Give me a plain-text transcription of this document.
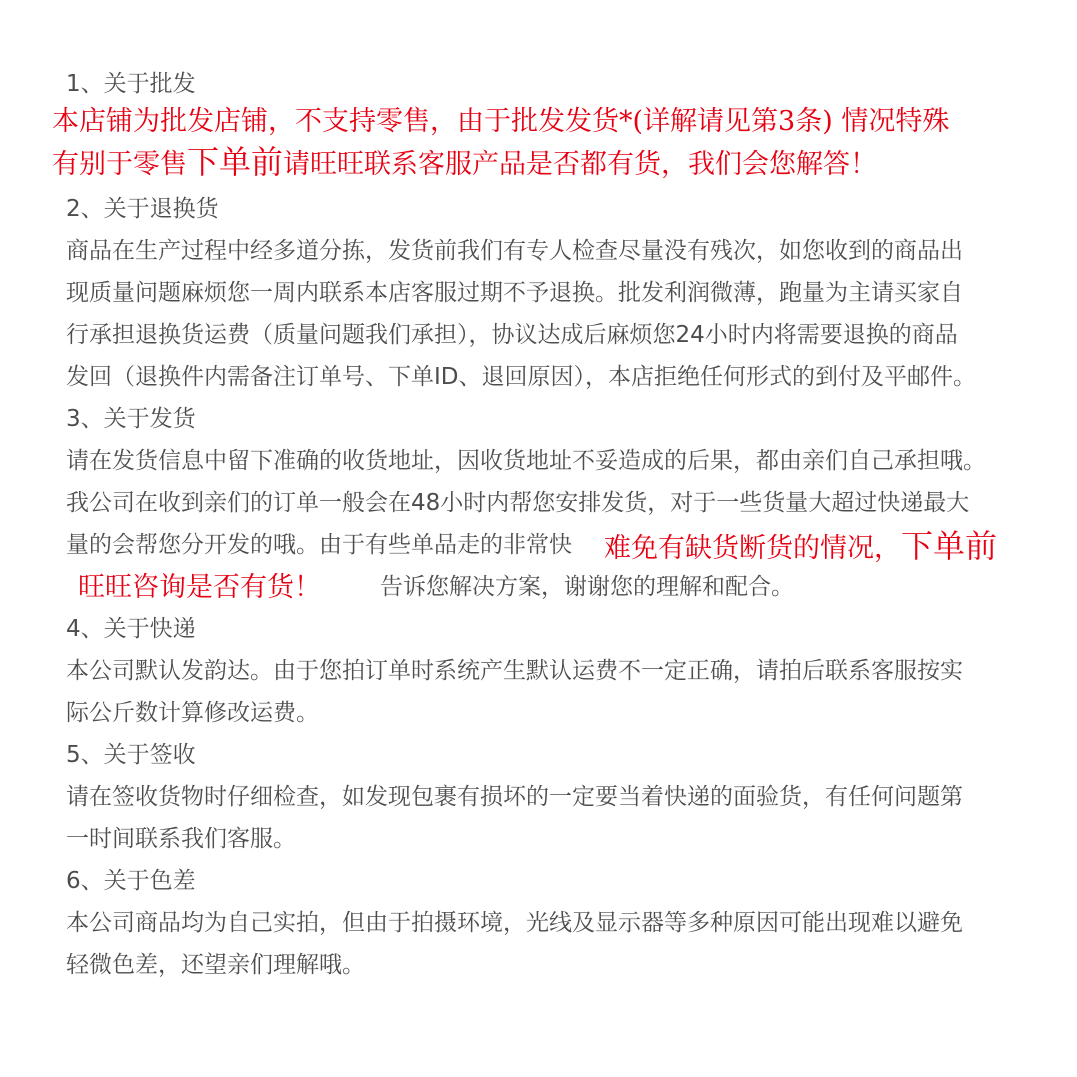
1、关于批发
本店铺为批发店铺，不支持零售，由于批发发货*(详解请见第3条) 情况特殊
有别于零售下单前请旺旺联系客服产品是否都有货，我们会您解答！
2、关于退换货
商品在生产过程中经多道分拣，发货前我们有专人检查尽量没有残次，如您收到的商品出
现质量问题麻烦您一周内联系本店客服过期不予退换。批发利润微薄，跑量为主请买家自
行承担退换货运费（质量问题我们承担），协议达成后麻烦您24小时内将需要退换的商品
发回（退换件内需备注订单号、下单ID、退回原因），本店拒绝任何形式的到付及平邮件。
3、关于发货
请在发货信息中留下准确的收货地址，因收货地址不妥造成的后果，都由亲们自己承担哦。
我公司在收到亲们的订单一般会在48小时内帮您安排发货，对于一些货量大超过快递最大
量的会帮您分开发的哦。由于有些单品走的非常快 难免有缺货断货的情况，下单前
旺旺咨询是否有货！	告诉您解决方案，谢谢您的理解和配合。
4、关于快递
本公司默认发韵达。由于您拍订单时系统产生默认运费不一定正确，请拍后联系客服按实
际公斤数计算修改运费。
5、关于签收
请在签收货物时仔细检查，如发现包裹有损坏的一定要当着快递的面验货，有任何问题第
一时间联系我们客服。
6、关于色差
本公司商品均为自己实拍，但由于拍摄环境，光线及显示器等多种原因可能出现难以避免
轻微色差，还望亲们理解哦。
